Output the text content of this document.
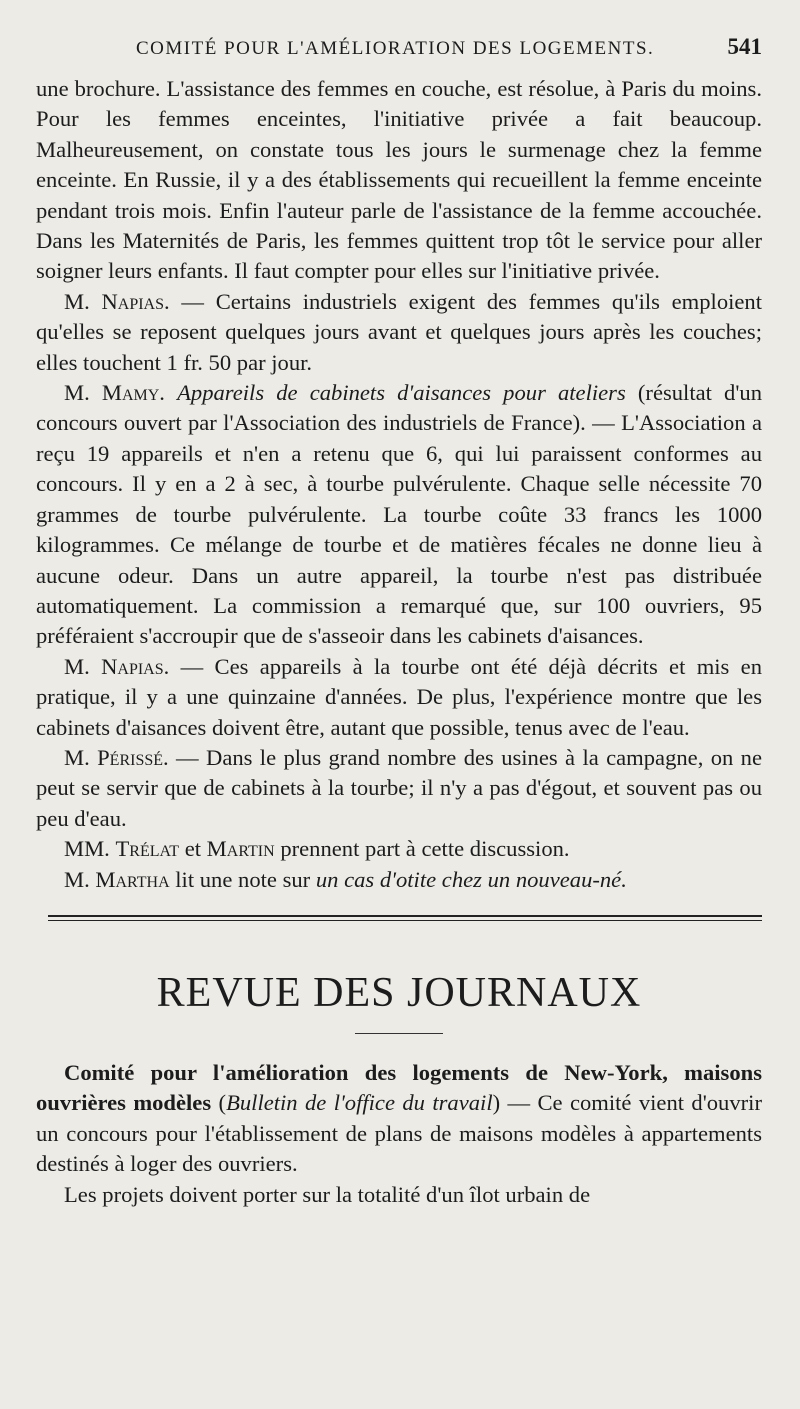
COMITÉ POUR L'AMÉLIORATION DES LOGEMENTS.	541

une brochure. L'assistance des femmes en couche, est résolue, à Paris du moins. Pour les femmes enceintes, l'initiative privée a fait beaucoup. Malheureusement, on constate tous les jours le surmenage chez la femme enceinte. En Russie, il y a des établissements qui recueillent la femme enceinte pendant trois mois. Enfin l'auteur parle de l'assistance de la femme accouchée. Dans les Maternités de Paris, les femmes quittent trop tôt le service pour aller soigner leurs enfants. Il faut compter pour elles sur l'initiative privée.

M. Napias. — Certains industriels exigent des femmes qu'ils emploient qu'elles se reposent quelques jours avant et quelques jours après les couches; elles touchent 1 fr. 50 par jour.

M. Mamy. Appareils de cabinets d'aisances pour ateliers (résultat d'un concours ouvert par l'Association des industriels de France). — L'Association a reçu 19 appareils et n'en a retenu que 6, qui lui paraissent conformes au concours. Il y en a 2 à sec, à tourbe pulvérulente. Chaque selle nécessite 70 grammes de tourbe pulvérulente. La tourbe coûte 33 francs les 1000 kilogrammes. Ce mélange de tourbe et de matières fécales ne donne lieu à aucune odeur. Dans un autre appareil, la tourbe n'est pas distribuée automatiquement. La commission a remarqué que, sur 100 ouvriers, 95 préféraient s'accroupir que de s'asseoir dans les cabinets d'aisances.

M. Napias. — Ces appareils à la tourbe ont été déjà décrits et mis en pratique, il y a une quinzaine d'années. De plus, l'expérience montre que les cabinets d'aisances doivent être, autant que possible, tenus avec de l'eau.

M. Périssé. — Dans le plus grand nombre des usines à la campagne, on ne peut se servir que de cabinets à la tourbe; il n'y a pas d'égout, et souvent pas ou peu d'eau.

MM. Trélat et Martin prennent part à cette discussion.

M. Martha lit une note sur un cas d'otite chez un nouveau-né.

REVUE DES JOURNAUX

Comité pour l'amélioration des logements de New-York, maisons ouvrières modèles (Bulletin de l'office du travail) — Ce comité vient d'ouvrir un concours pour l'établissement de plans de maisons modèles à appartements destinés à loger des ouvriers.

Les projets doivent porter sur la totalité d'un îlot urbain de
